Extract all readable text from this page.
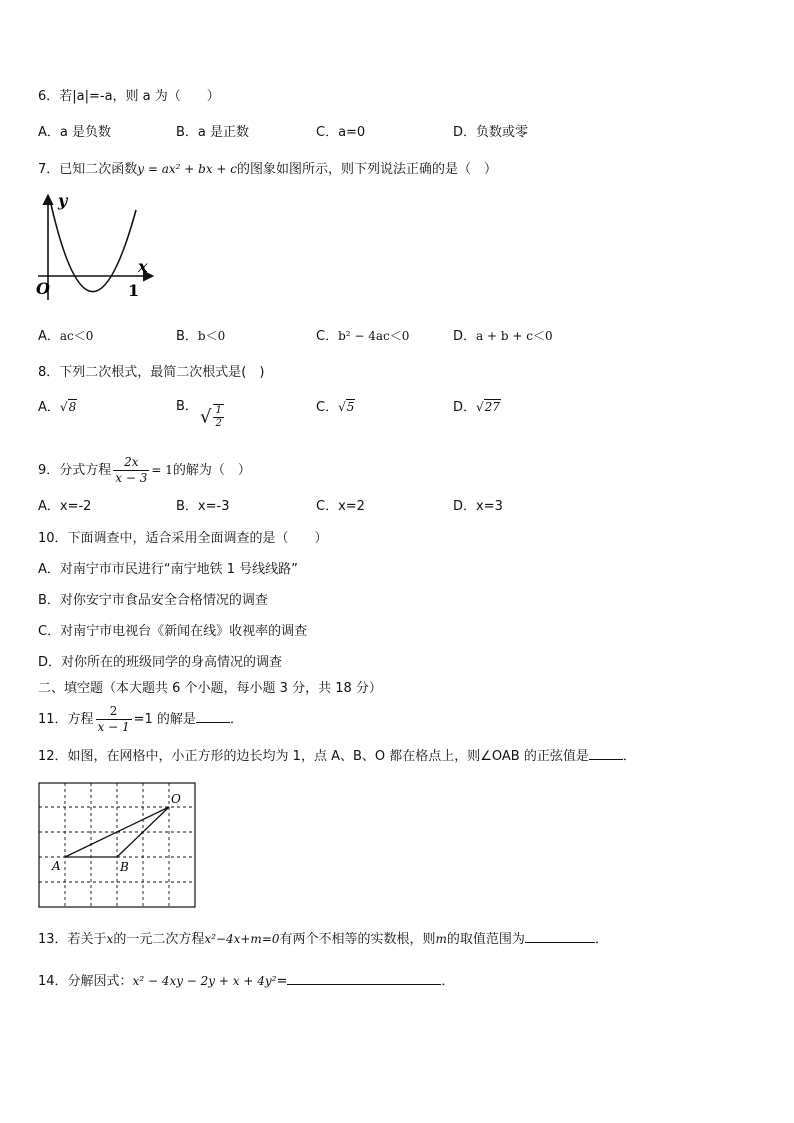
6．若|a|=-a，则 a 为（　　）
A．a 是负数	B．a 是正数	C．a=0	D．负数或零
7．已知二次函数y = ax² + bx + c的图象如图所示，则下列说法正确的是（　）
y
x
O	1
A．ac＜0	B．b＜0	C．b² − 4ac＜0	D．a + b + c＜0
8．下列二次根式，最简二次根式是(　)
A．√8	B． √ $\frac{1}{2}$	C．√5	D．√27
9．分式方程 $\frac{2x}{x - 3} = 1$的解为（　）
A．x=-2	B．x=-3	C．x=2	D．x=3
10．下面调查中，适合采用全面调查的是（　　）
A．对南宁市市民进行“南宁地铁 1 号线线路”
B．对你安宁市食品安全合格情况的调查
C．对南宁市电视台《新闻在线》收视率的调查
D．对你所在的班级同学的身高情况的调查
二、填空题（本大题共 6 个小题，每小题 3 分，共 18 分）
11．方程 $\frac{2}{x - 1} =1$ 的解是	．
12．如图，在网格中，小正方形的边长均为 1，点 A、B、O 都在格点上，则∠OAB 的正弦值是	．
O
A	B
13．若关于x的一元二次方程x²−4x+m=0有两个不相等的实数根，则m的取值范围为	．
14．分解因式：x² − 4xy − 2y + x + 4y²=	．
